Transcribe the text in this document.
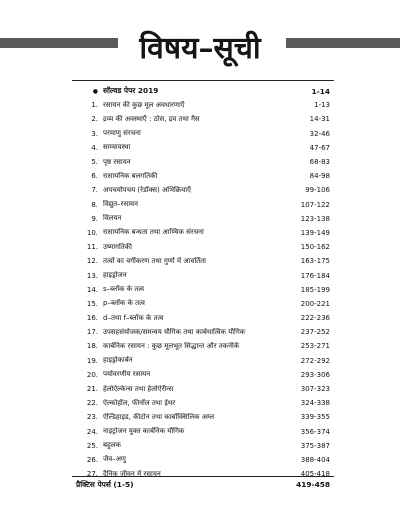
विषय–सूची
● सॉल्वड पेपर 2019	1-14
1. रसायन की कुछ मूल अवधारणाएँ	1-13
2. द्रव्य की अवस्थाएँ : ठोस, द्रव तथा गैस	14-31
3. परमाणु संरचना	32-46
4. साम्यावस्था	47-67
5. पृष्ठ रसायन	68-83
6. रासायनिक बलगतिकी	84-98
7. अपचयोपचय (रेडॉक्स) अभिक्रियाएँ	99-106
8. विद्युत–रसायन	107-122
9. विलयन	123-138
10. रासायनिक बन्धता तथा आण्विक संरचना	139-149
11. उष्मागतिकी	150-162
12. तत्वों का वर्गीकरण तथा गुणों में आवर्तिता	163-175
13. हाइड्रोजन	176-184
14. s–ब्लॉक के तत्व	185-199
15. p–ब्लॉक के तत्व	200-221
16. d–तथा f–ब्लॉक के तत्व	222-236
17. उपसहसंयोजक/समन्वय यौगिक तथा कार्बधात्विक यौगिक	237-252
18. कार्बनिक रसायन : कुछ मूलभूत सिद्धान्त और तकनीकें	253-271
19. हाइड्रोकार्बन	272-292
20. पर्यावरणीय रसायन	293-306
21. हेलोऐल्केन्स तथा हेलोऐरीन्स	307-323
22. ऐल्कोहॉल, फीनॉल तथा ईथर	324-338
23. ऐल्डिहाइड, कीटोन तथा कार्बोक्सिलिक अम्ल	339-355
24. नाइट्रोजन युक्त कार्बनिक यौगिक	356-374
25. बहुलक	375-387
26. जैव–अणु	388-404
27. दैनिक जीवन में रसायन	405-418
प्रैक्टिस पेपर्स (1-5)	419-458
